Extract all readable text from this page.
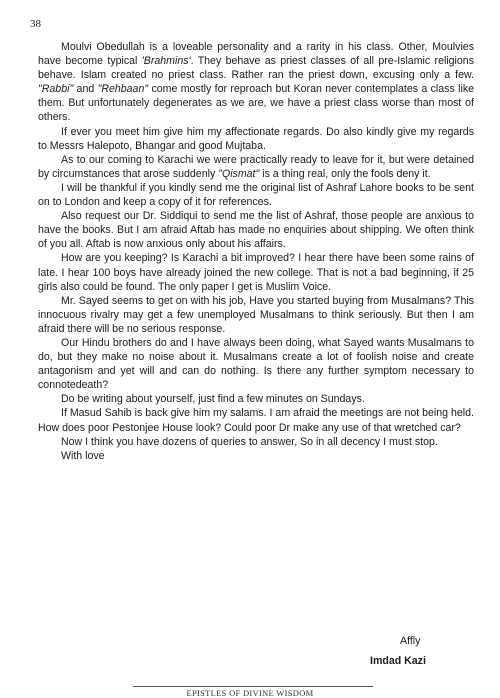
38

Moulvi Obedullah is a loveable personality and a rarity in his class. Other, Moulvies have become typical 'Brahmins'. They behave as priest classes of all pre-Islamic religions behave. Islam created no priest class. Rather ran the priest down, excusing only a few. "Rabbi" and "Rehbaan" come mostly for reproach but Koran never contemplates a class like them. But unfortunately degenerates as we are, we have a priest class worse than most of others.

If ever you meet him give him my affectionate regards. Do also kindly give my regards to Messrs Halepoto, Bhangar and good Mujtaba.

As to our coming to Karachi we were practically ready to leave for it, but were detained by circumstances that arose suddenly "Qismat" is a thing real, only the fools deny it.

I will be thankful if you kindly send me the original list of Ashraf Lahore books to be sent on to London and keep a copy of it for references.

Also request our Dr. Siddiqui to send me the list of Ashraf, those people are anxious to have the books. But I am afraid Aftab has made no enquiries about shipping. We often think of you all. Aftab is now anxious only about his affairs.

How are you keeping? Is Karachi a bit improved? I hear there have been some rains of late. I hear 100 boys have already joined the new college. That is not a bad beginning, if 25 girls also could be found. The only paper I get is Muslim Voice.

Mr. Sayed seems to get on with his job, Have you started buying from Musalmans? This innocuous rivalry may get a few unemployed Musalmans to think seriously. But then I am afraid there will be no serious response.

Our Hindu brothers do and I have always been doing, what Sayed wants Musalmans to do, but they make no noise about it. Musalmans create a lot of foolish noise and create antagonism and yet will and can do nothing. Is there any further symptom necessary to connotedeath?

Do be writing about yourself, just find a few minutes on Sundays.

If Masud Sahib is back give him my salams. I am afraid the meetings are not being held. How does poor Pestonjee House look? Could poor Dr make any use of that wretched car?

Now I think you have dozens of queries to answer, So in all decency I must stop.

With love

Affly
Imdad Kazi
EPISTLES OF DIVINE WISDOM
